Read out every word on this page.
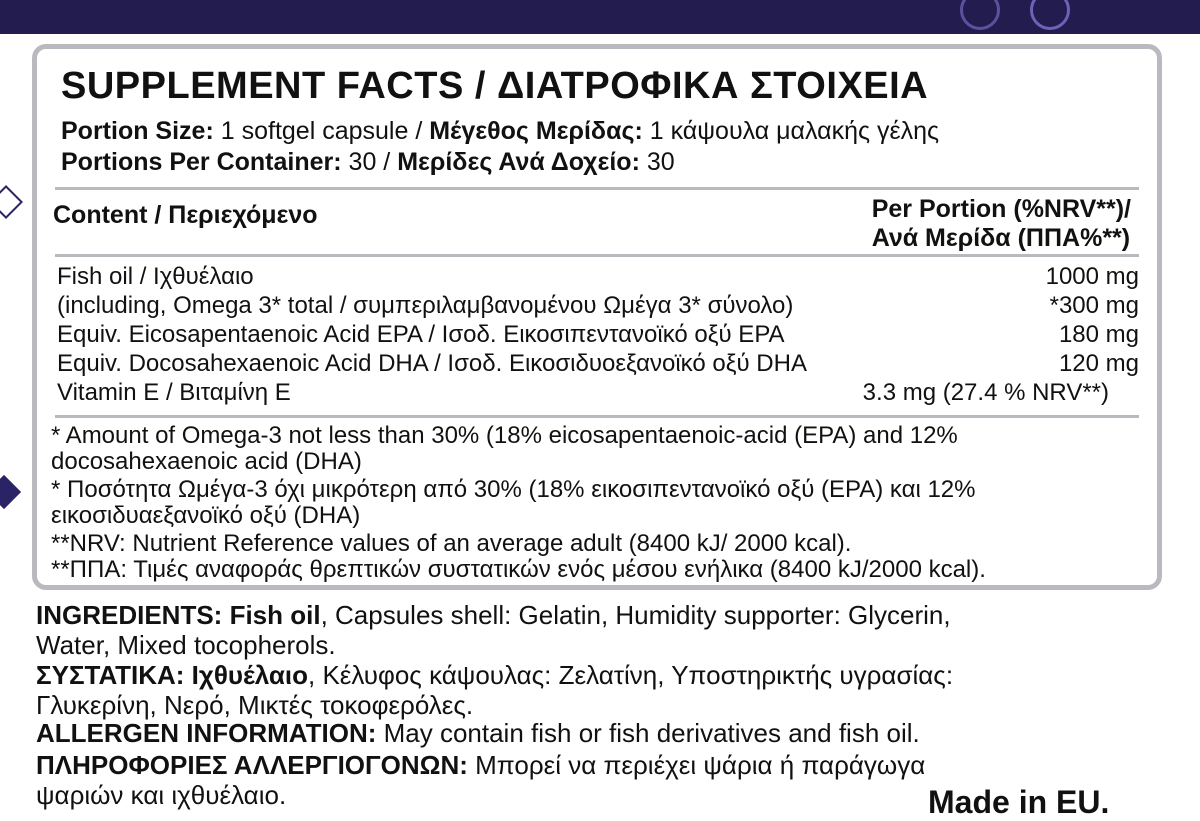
SUPPLEMENT FACTS / ΔΙΑΤΡΟΦΙΚΑ ΣΤΟΙΧΕΙΑ
Portion Size: 1 softgel capsule / Μέγεθος Μερίδας: 1 κάψουλα μαλακής γέλης
Portions Per Container: 30 / Μερίδες Ανά Δοχείο: 30
Content / Περιεχόμενο	Per Portion (%NRV**)/
Ανά Μερίδα (ΠΠΑ%**)
Fish oil / Ιχθυέλαιο	1000 mg
(including, Omega 3* total / συμπεριλαμβανομένου Ωμέγα 3* σύνολο)	*300 mg
Equiv. Eicosapentaenoic Acid EPA / Ισοδ. Εικοσιπεντανοϊκό οξύ EPA	180 mg
Equiv. Docosahexaenoic Acid DHA / Ισοδ. Εικοσιδυοεξανοϊκό οξύ DHA	120 mg
Vitamin E / Βιταμίνη E	3.3 mg (27.4 % NRV**)
* Amount of Omega-3 not less than 30% (18% eicosapentaenoic-acid (EPA) and 12% docosahexaenoic acid (DHA)
* Ποσότητα Ωμέγα-3 όχι μικρότερη από 30% (18% εικοσιπεντανοϊκό οξύ (EPA) και 12% εικοσιδυαεξανοϊκό οξύ (DHA)
**NRV: Nutrient Reference values of an average adult (8400 kJ/ 2000 kcal).
**ΠΠΑ: Τιμές αναφοράς θρεπτικών συστατικών ενός μέσου ενήλικα (8400 kJ/2000 kcal).
INGREDIENTS: Fish oil, Capsules shell: Gelatin, Humidity supporter: Glycerin,
Water, Mixed tocopherols.
ΣΥΣΤΑΤΙΚΑ: Ιχθυέλαιο, Κέλυφος κάψουλας: Ζελατίνη, Υποστηρικτής υγρασίας:
Γλυκερίνη, Νερό, Μικτές τοκοφερόλες.
ALLERGEN INFORMATION: May contain fish or fish derivatives and fish oil.
ΠΛΗΡΟΦΟΡΙΕΣ ΑΛΛΕΡΓΙΟΓΟΝΩΝ: Μπορεί να περιέχει ψάρια ή παράγωγα
ψαριών και ιχθυέλαιο.	Made in EU.
